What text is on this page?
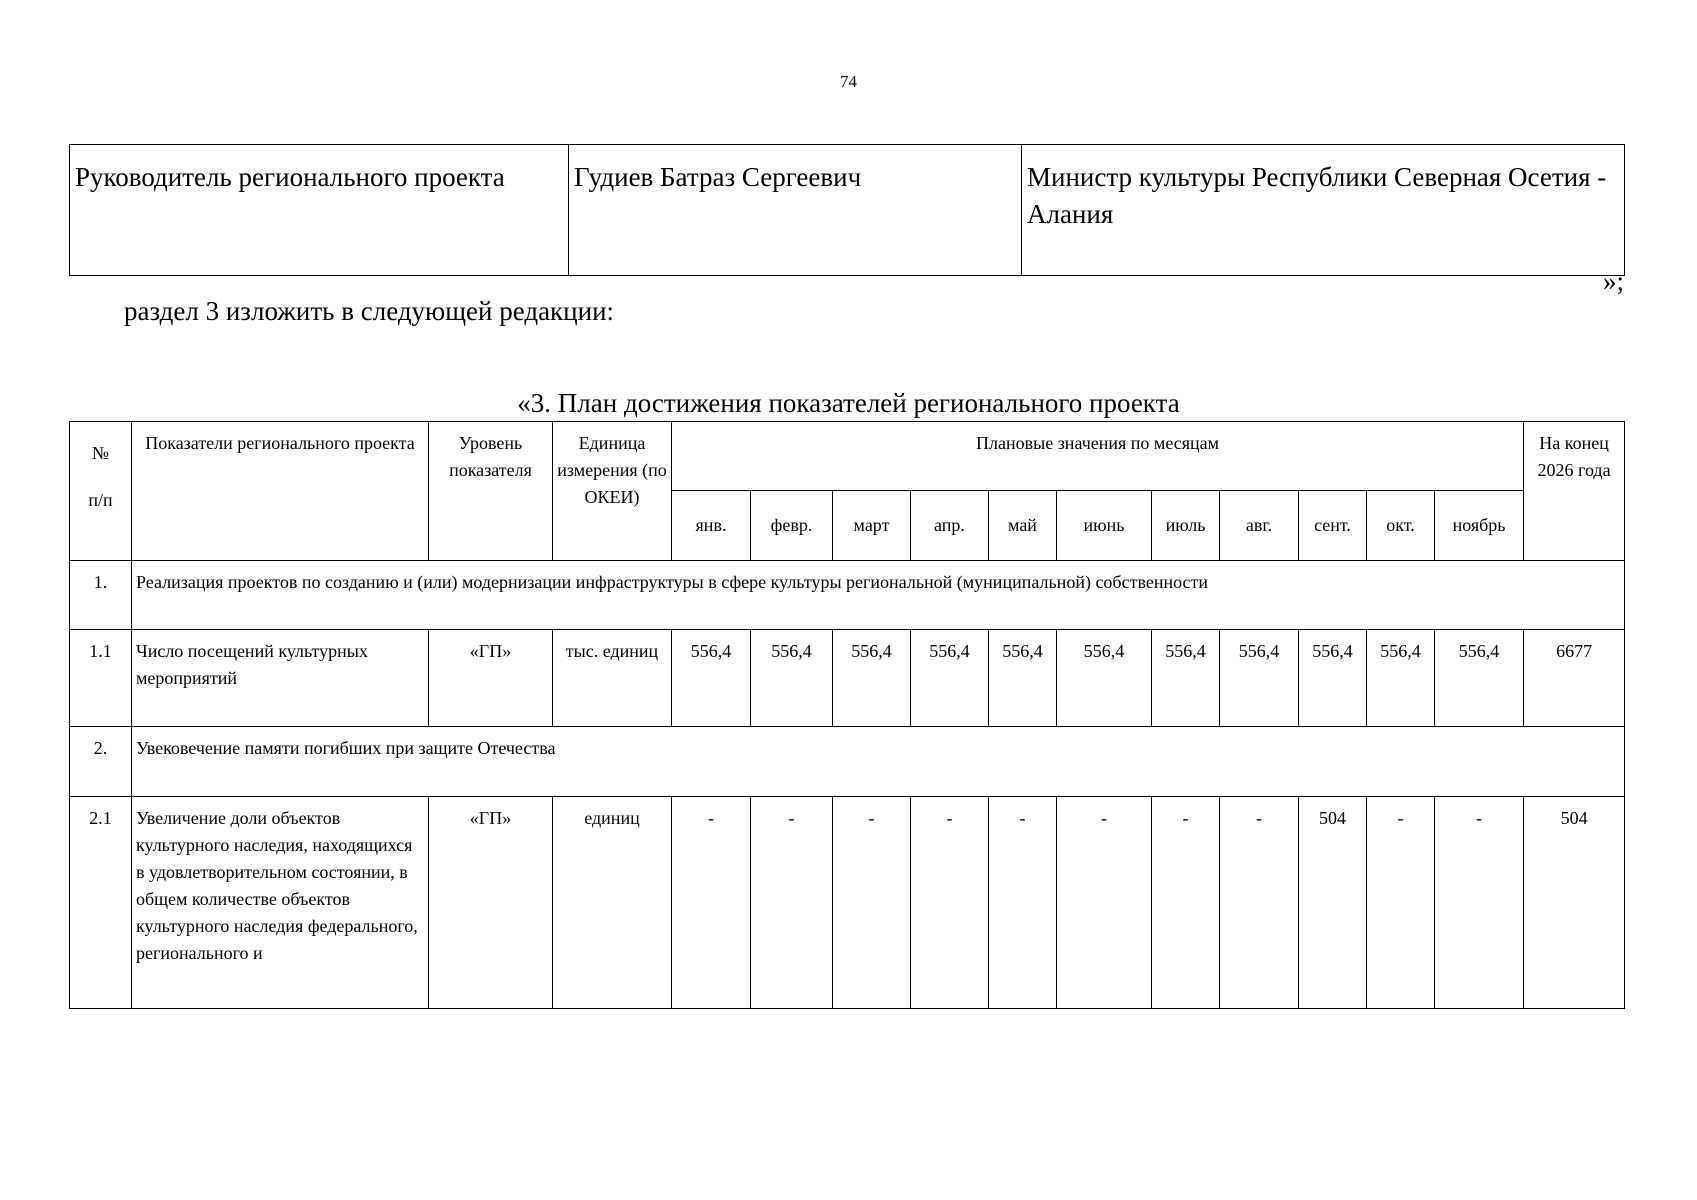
74
Руководитель регионального проекта	Гудиев Батраз Сергеевич	Министр культуры Республики Северная Осетия - Алания
»;
раздел 3 изложить в следующей редакции:
«3. План достижения показателей регионального проекта
№ п/п	Показатели регионального проекта	Уровень показателя	Единица измерения (по ОКЕИ)	Плановые значения по месяцам											На конец 2026 года
				янв.	февр.	март	апр.	май	июнь	июль	авг.	сент.	окт.	ноябрь	
1.	Реализация проектов по созданию и (или) модернизации инфраструктуры в сфере культуры региональной (муниципальной) собственности														
1.1	Число посещений культурных мероприятий	«ГП»	тыс. единиц	556,4	556,4	556,4	556,4	556,4	556,4	556,4	556,4	556,4	556,4	556,4	6677
2.	Увековечение памяти погибших при защите Отечества														
2.1	Увеличение доли объектов культурного наследия, находящихся в удовлетворительном состоянии, в общем количестве объектов культурного наследия федерального, регионального и	«ГП»	единиц	-	-	-	-	-	-	-	-	504	-	-	504
